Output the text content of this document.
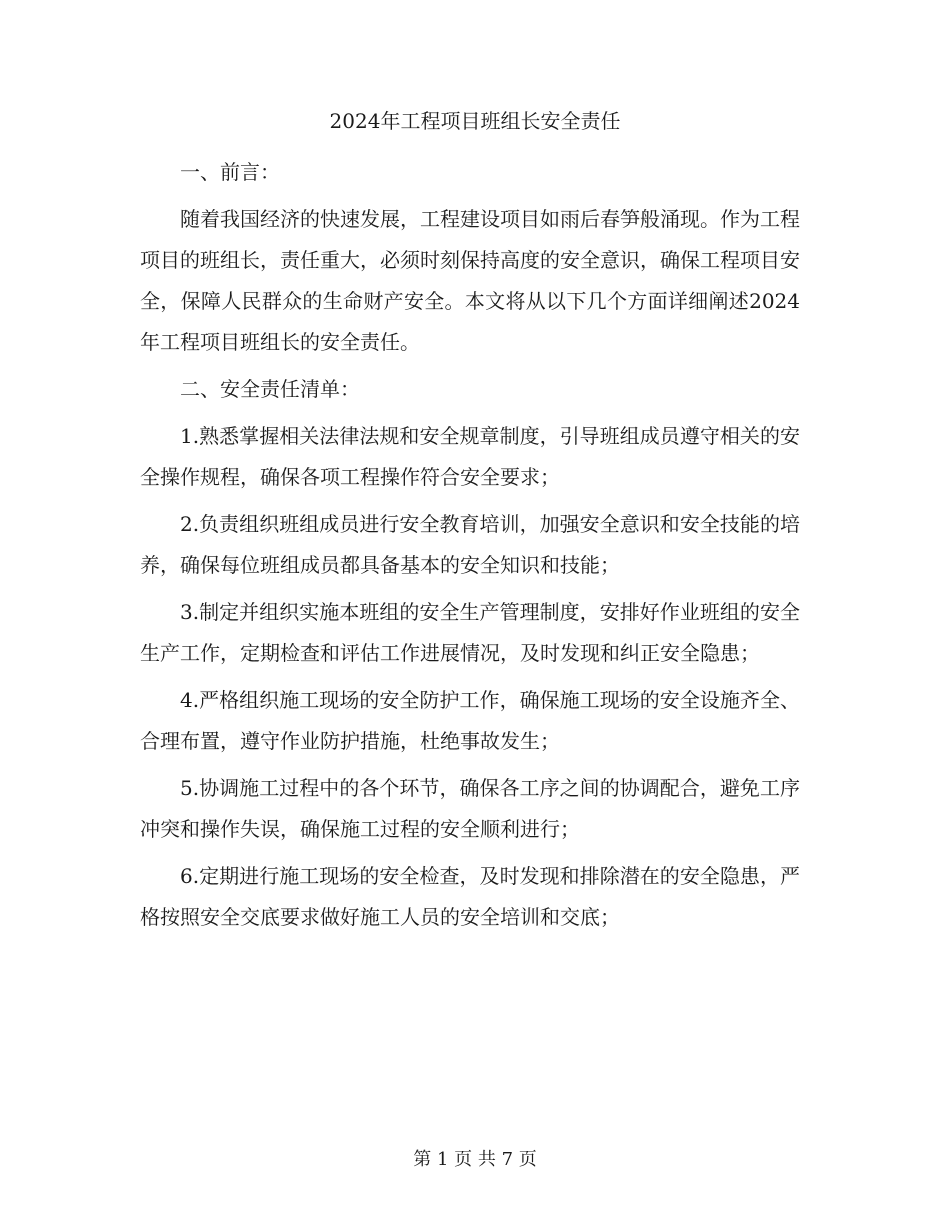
2024年工程项目班组长安全责任

一、前言：

随着我国经济的快速发展，工程建设项目如雨后春笋般涌现。作为工程项目的班组长，责任重大，必须时刻保持高度的安全意识，确保工程项目安全，保障人民群众的生命财产安全。本文将从以下几个方面详细阐述2024年工程项目班组长的安全责任。

二、安全责任清单：

1.熟悉掌握相关法律法规和安全规章制度，引导班组成员遵守相关的安全操作规程，确保各项工程操作符合安全要求；

2.负责组织班组成员进行安全教育培训，加强安全意识和安全技能的培养，确保每位班组成员都具备基本的安全知识和技能；

3.制定并组织实施本班组的安全生产管理制度，安排好作业班组的安全生产工作，定期检查和评估工作进展情况，及时发现和纠正安全隐患；

4.严格组织施工现场的安全防护工作，确保施工现场的安全设施齐全、合理布置，遵守作业防护措施，杜绝事故发生；

5.协调施工过程中的各个环节，确保各工序之间的协调配合，避免工序冲突和操作失误，确保施工过程的安全顺利进行；

6.定期进行施工现场的安全检查，及时发现和排除潜在的安全隐患，严格按照安全交底要求做好施工人员的安全培训和交底；

第 1 页 共 7 页
